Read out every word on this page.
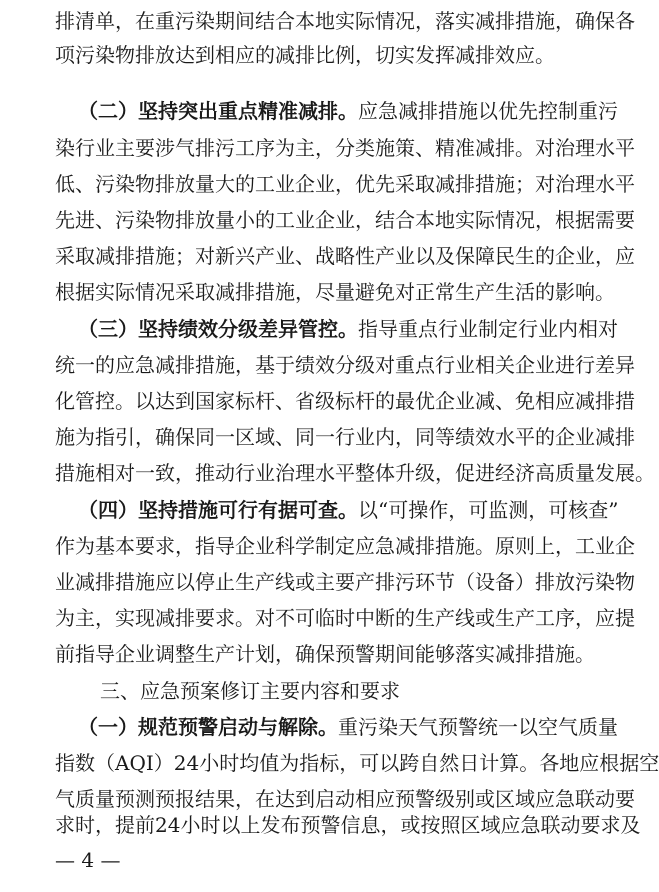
排清单，在重污染期间结合本地实际情况，落实减排措施，确保各
项污染物排放达到相应的减排比例，切实发挥减排效应。
（二）坚持突出重点精准减排。应急减排措施以优先控制重污
染行业主要涉气排污工序为主，分类施策、精准减排。对治理水平
低、污染物排放量大的工业企业，优先采取减排措施；对治理水平
先进、污染物排放量小的工业企业，结合本地实际情况，根据需要
采取减排措施；对新兴产业、战略性产业以及保障民生的企业，应
根据实际情况采取减排措施，尽量避免对正常生产生活的影响。
（三）坚持绩效分级差异管控。指导重点行业制定行业内相对
统一的应急减排措施，基于绩效分级对重点行业相关企业进行差异
化管控。以达到国家标杆、省级标杆的最优企业减、免相应减排措
施为指引，确保同一区域、同一行业内，同等绩效水平的企业减排
措施相对一致，推动行业治理水平整体升级，促进经济高质量发展。
（四）坚持措施可行有据可查。以“可操作，可监测，可核查”
作为基本要求，指导企业科学制定应急减排措施。原则上，工业企
业减排措施应以停止生产线或主要产排污环节（设备）排放污染物
为主，实现减排要求。对不可临时中断的生产线或生产工序，应提
前指导企业调整生产计划，确保预警期间能够落实减排措施。
三、应急预案修订主要内容和要求
（一）规范预警启动与解除。重污染天气预警统一以空气质量
指数（AQI）24小时均值为指标，可以跨自然日计算。各地应根据空
气质量预测预报结果，在达到启动相应预警级别或区域应急联动要
求时，提前24小时以上发布预警信息，或按照区域应急联动要求及
— 4 —
